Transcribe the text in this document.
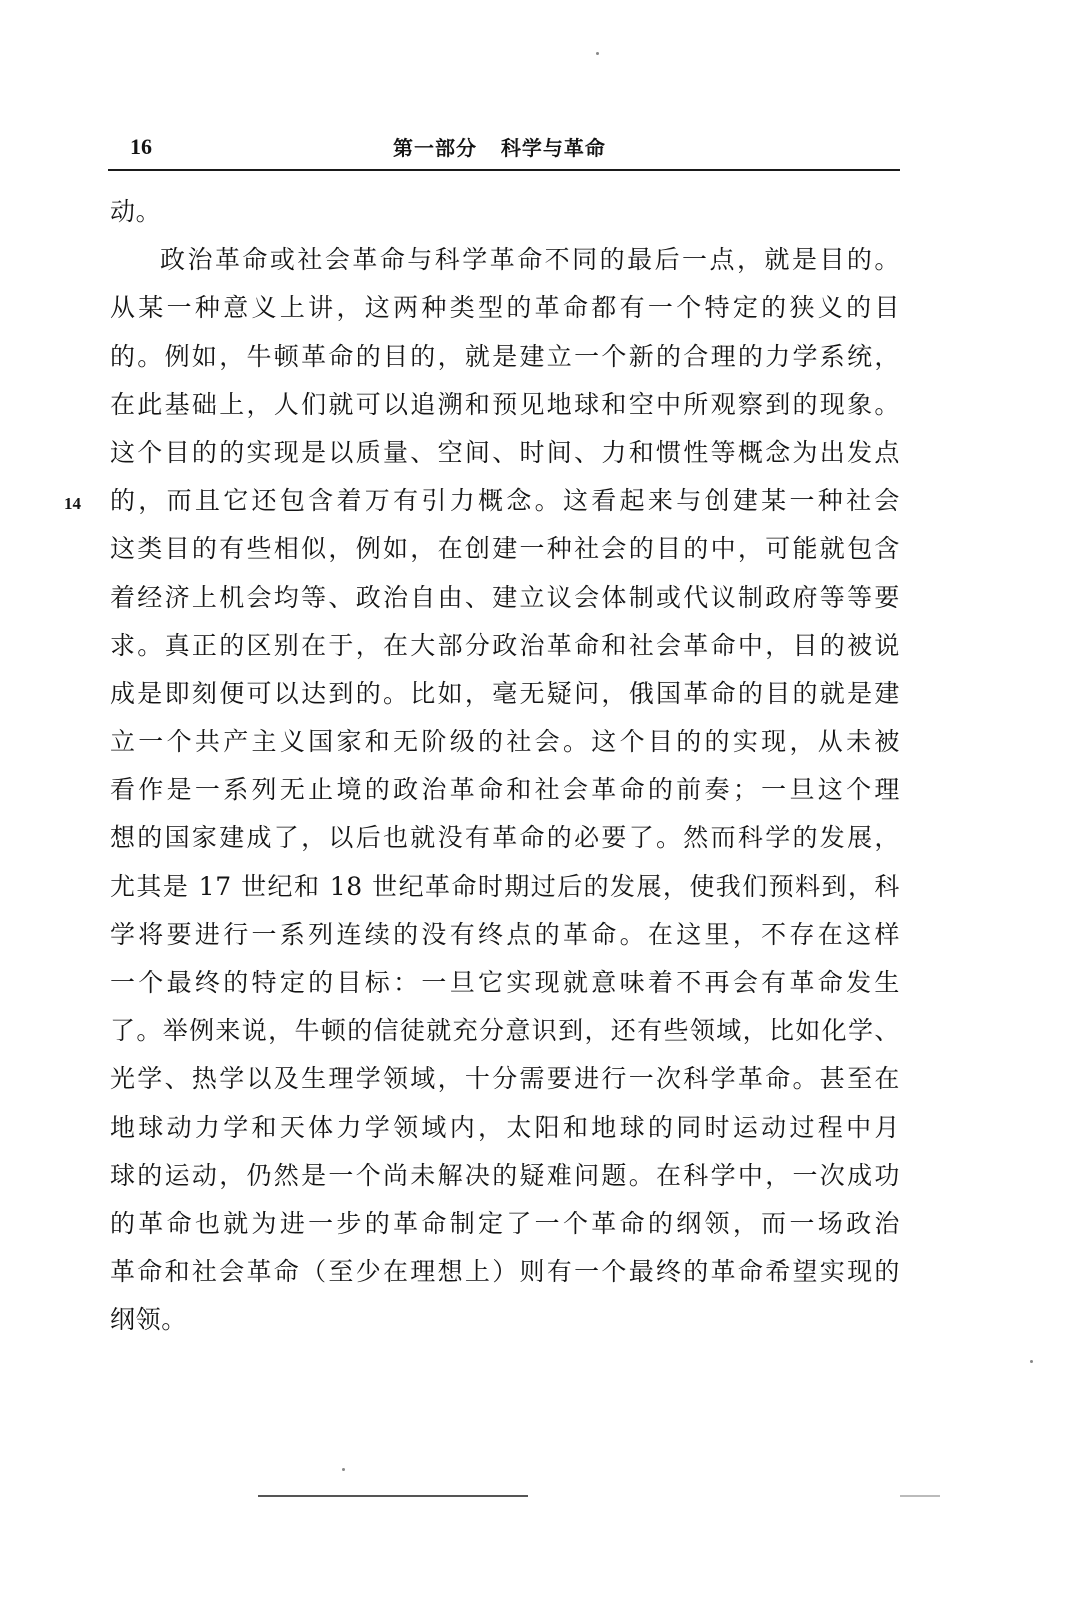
16	第一部分   科学与革命
14
动。
政治革命或社会革命与科学革命不同的最后一点，就是目的。
从某一种意义上讲，这两种类型的革命都有一个特定的狭义的目
的。例如，牛顿革命的目的，就是建立一个新的合理的力学系统，
在此基础上，人们就可以追溯和预见地球和空中所观察到的现象。
这个目的的实现是以质量、空间、时间、力和惯性等概念为出发点
的，而且它还包含着万有引力概念。这看起来与创建某一种社会
这类目的有些相似，例如，在创建一种社会的目的中，可能就包含
着经济上机会均等、政治自由、建立议会体制或代议制政府等等要
求。真正的区别在于，在大部分政治革命和社会革命中，目的被说
成是即刻便可以达到的。比如，毫无疑问，俄国革命的目的就是建
立一个共产主义国家和无阶级的社会。这个目的的实现，从未被
看作是一系列无止境的政治革命和社会革命的前奏；一旦这个理
想的国家建成了，以后也就没有革命的必要了。然而科学的发展，
尤其是 17 世纪和 18 世纪革命时期过后的发展，使我们预料到，科
学将要进行一系列连续的没有终点的革命。在这里，不存在这样
一个最终的特定的目标：一旦它实现就意味着不再会有革命发生
了。举例来说，牛顿的信徒就充分意识到，还有些领域，比如化学、
光学、热学以及生理学领域，十分需要进行一次科学革命。甚至在
地球动力学和天体力学领域内，太阳和地球的同时运动过程中月
球的运动，仍然是一个尚未解决的疑难问题。在科学中，一次成功
的革命也就为进一步的革命制定了一个革命的纲领，而一场政治
革命和社会革命（至少在理想上）则有一个最终的革命希望实现的
纲领。
